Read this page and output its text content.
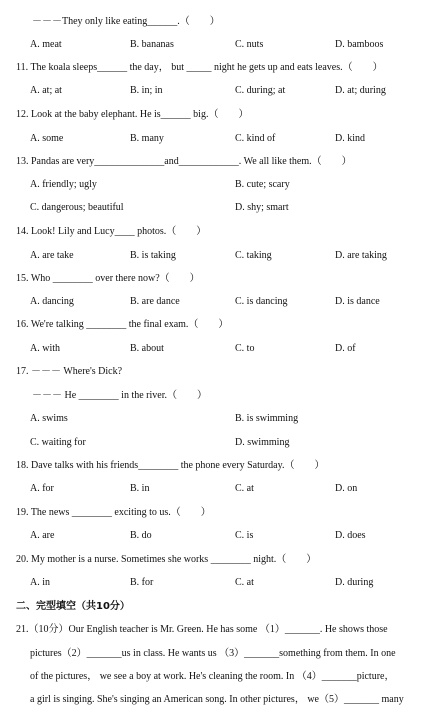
－－－They only like eating______.（　　）
A. meat	B. bananas	C. nuts	D. bamboos
11. The koala sleeps______ the day， but _____ night he gets up and eats leaves.（　　）
A. at; at	B. in; in	C. during; at	D. at; during
12. Look at the baby elephant. He is______ big.（　　）
A. some	B. many	C. kind of	D. kind
13. Pandas are very______________and____________. We all like them.（　　）
A. friendly; ugly	B. cute; scary
C. dangerous; beautiful	D. shy; smart
14. Look! Lily and Lucy____ photos.（　　）
A. are take	B. is taking	C. taking	D. are taking
15. Who ________ over there now?（　　）
A. dancing	B. are dance	C. is dancing	D. is dance
16. We're talking ________ the final exam.（　　）
A. with	B. about	C. to	D. of
17. －－－ Where's Dick?
－－－ He ________ in the river.（　　）
A. swims	B. is swimming
C. waiting for	D. swimming
18. Dave talks with his friends________ the phone every Saturday.（　　）
A. for	B. in	C. at	D. on
19. The news ________ exciting to us.（　　）
A. are	B. do	C. is	D. does
20. My mother is a nurse. Sometimes she works ________ night.（　　）
A. in	B. for	C. at	D. during
二、完型填空（共10分）
21.（10分）Our English teacher is Mr. Green. He has some （1）_______. He shows those
pictures（2）_______us in class. He wants us （3）_______something from them. In one
of the pictures， we see a boy at work. He's cleaning the room. In （4）_______picture，
a girl is singing. She's singing an American song. In other pictures， we（5）_______ many
